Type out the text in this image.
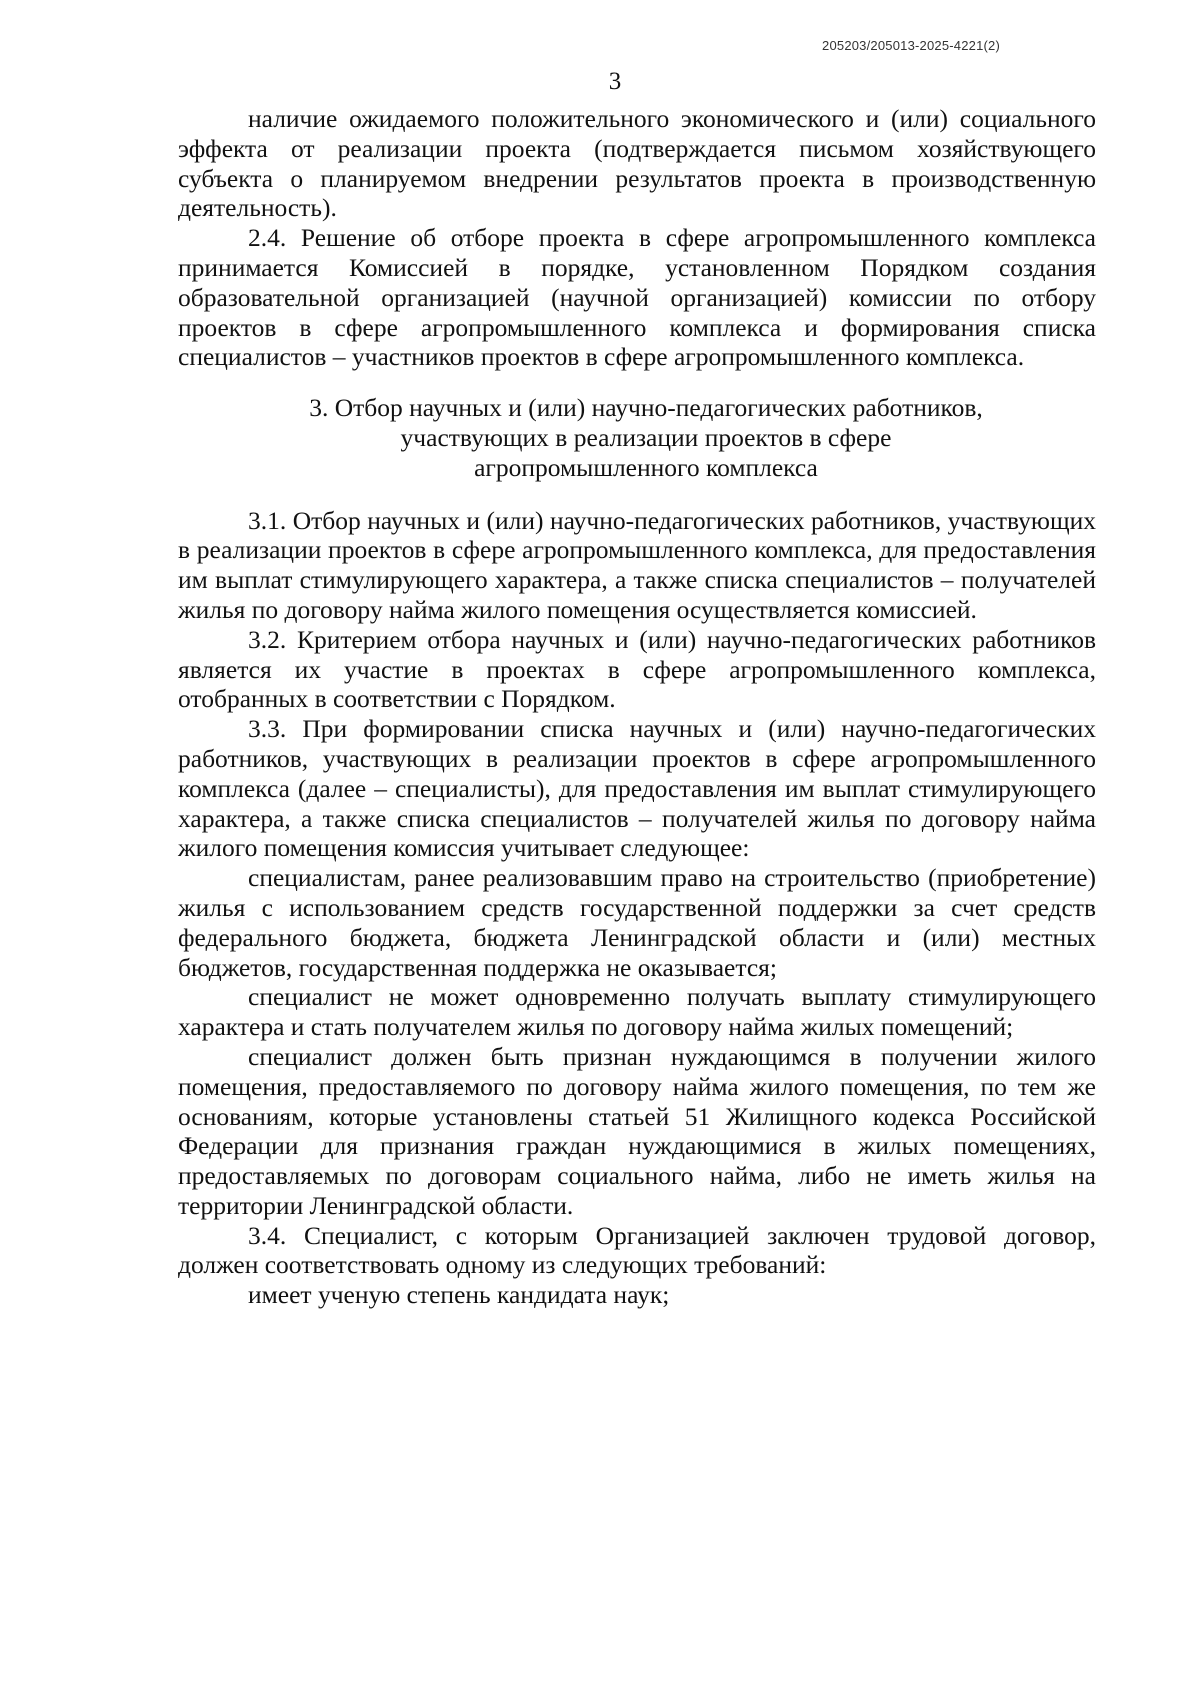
205203/205013-2025-4221(2)
3

наличие ожидаемого положительного экономического и (или) социального эффекта от реализации проекта (подтверждается письмом хозяйствующего субъекта о планируемом внедрении результатов проекта в производственную деятельность).

2.4. Решение об отборе проекта в сфере агропромышленного комплекса принимается Комиссией в порядке, установленном Порядком создания образовательной организацией (научной организацией) комиссии по отбору проектов в сфере агропромышленного комплекса и формирования списка специалистов – участников проектов в сфере агропромышленного комплекса.

3. Отбор научных и (или) научно-педагогических работников,
участвующих в реализации проектов в сфере
агропромышленного комплекса

3.1. Отбор научных и (или) научно-педагогических работников, участвующих в реализации проектов в сфере агропромышленного комплекса, для предоставления им выплат стимулирующего характера, а также списка специалистов – получателей жилья по договору найма жилого помещения осуществляется комиссией.

3.2. Критерием отбора научных и (или) научно-педагогических работников является их участие в проектах в сфере агропромышленного комплекса, отобранных в соответствии с Порядком.

3.3. При формировании списка научных и (или) научно-педагогических работников, участвующих в реализации проектов в сфере агропромышленного комплекса (далее – специалисты), для предоставления им выплат стимулирующего характера, а также списка специалистов – получателей жилья по договору найма жилого помещения комиссия учитывает следующее:

специалистам, ранее реализовавшим право на строительство (приобретение) жилья с использованием средств государственной поддержки за счет средств федерального бюджета, бюджета Ленинградской области и (или) местных бюджетов, государственная поддержка не оказывается;

специалист не может одновременно получать выплату стимулирующего характера и стать получателем жилья по договору найма жилых помещений;

специалист должен быть признан нуждающимся в получении жилого помещения, предоставляемого по договору найма жилого помещения, по тем же основаниям, которые установлены статьей 51 Жилищного кодекса Российской Федерации для признания граждан нуждающимися в жилых помещениях, предоставляемых по договорам социального найма, либо не иметь жилья на территории Ленинградской области.

3.4. Специалист, с которым Организацией заключен трудовой договор, должен соответствовать одному из следующих требований:

имеет ученую степень кандидата наук;
